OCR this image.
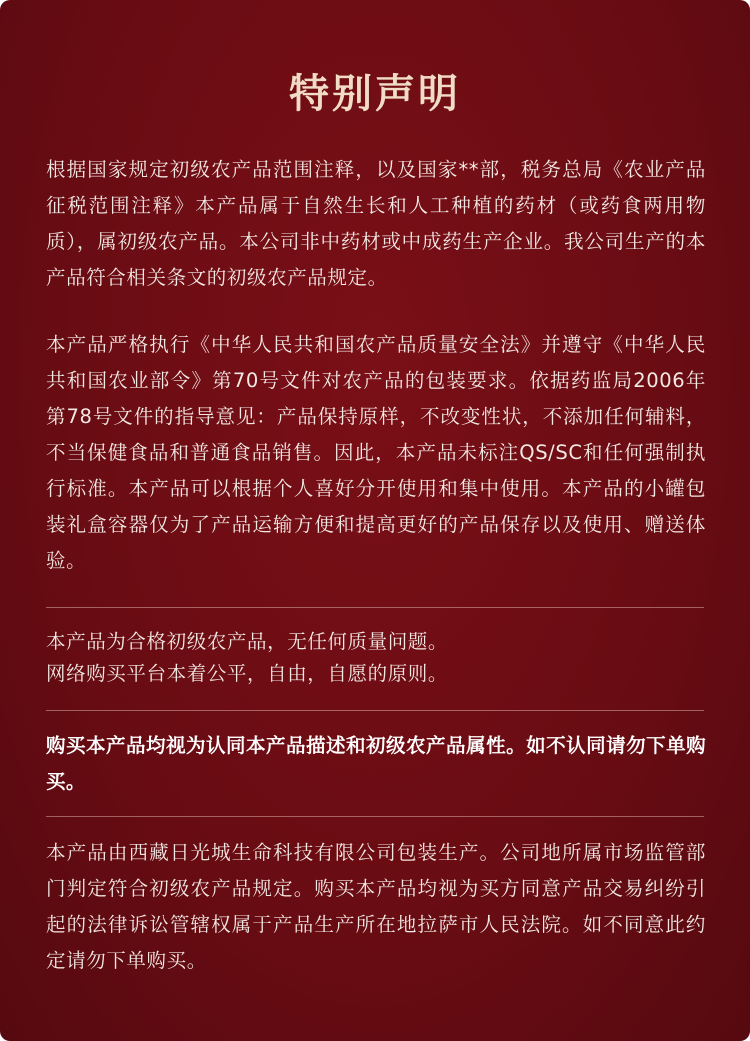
特别声明

根据国家规定初级农产品范围注释，以及国家**部，税务总局《农业产品征税范围注释》本产品属于自然生长和人工种植的药材（或药食两用物质），属初级农产品。本公司非中药材或中成药生产企业。我公司生产的本产品符合相关条文的初级农产品规定。

本产品严格执行《中华人民共和国农产品质量安全法》并遵守《中华人民共和国农业部令》第70号文件对农产品的包装要求。依据药监局2006年第78号文件的指导意见：产品保持原样，不改变性状，不添加任何辅料，不当保健食品和普通食品销售。因此，本产品未标注QS/SC和任何强制执行标准。本产品可以根据个人喜好分开使用和集中使用。本产品的小罐包装礼盒容器仅为了产品运输方便和提高更好的产品保存以及使用、赠送体验。

本产品为合格初级农产品，无任何质量问题。
网络购买平台本着公平，自由，自愿的原则。

购买本产品均视为认同本产品描述和初级农产品属性。如不认同请勿下单购买。

本产品由西藏日光城生命科技有限公司包装生产。公司地所属市场监管部门判定符合初级农产品规定。购买本产品均视为买方同意产品交易纠纷引起的法律诉讼管辖权属于产品生产所在地拉萨市人民法院。如不同意此约定请勿下单购买。
